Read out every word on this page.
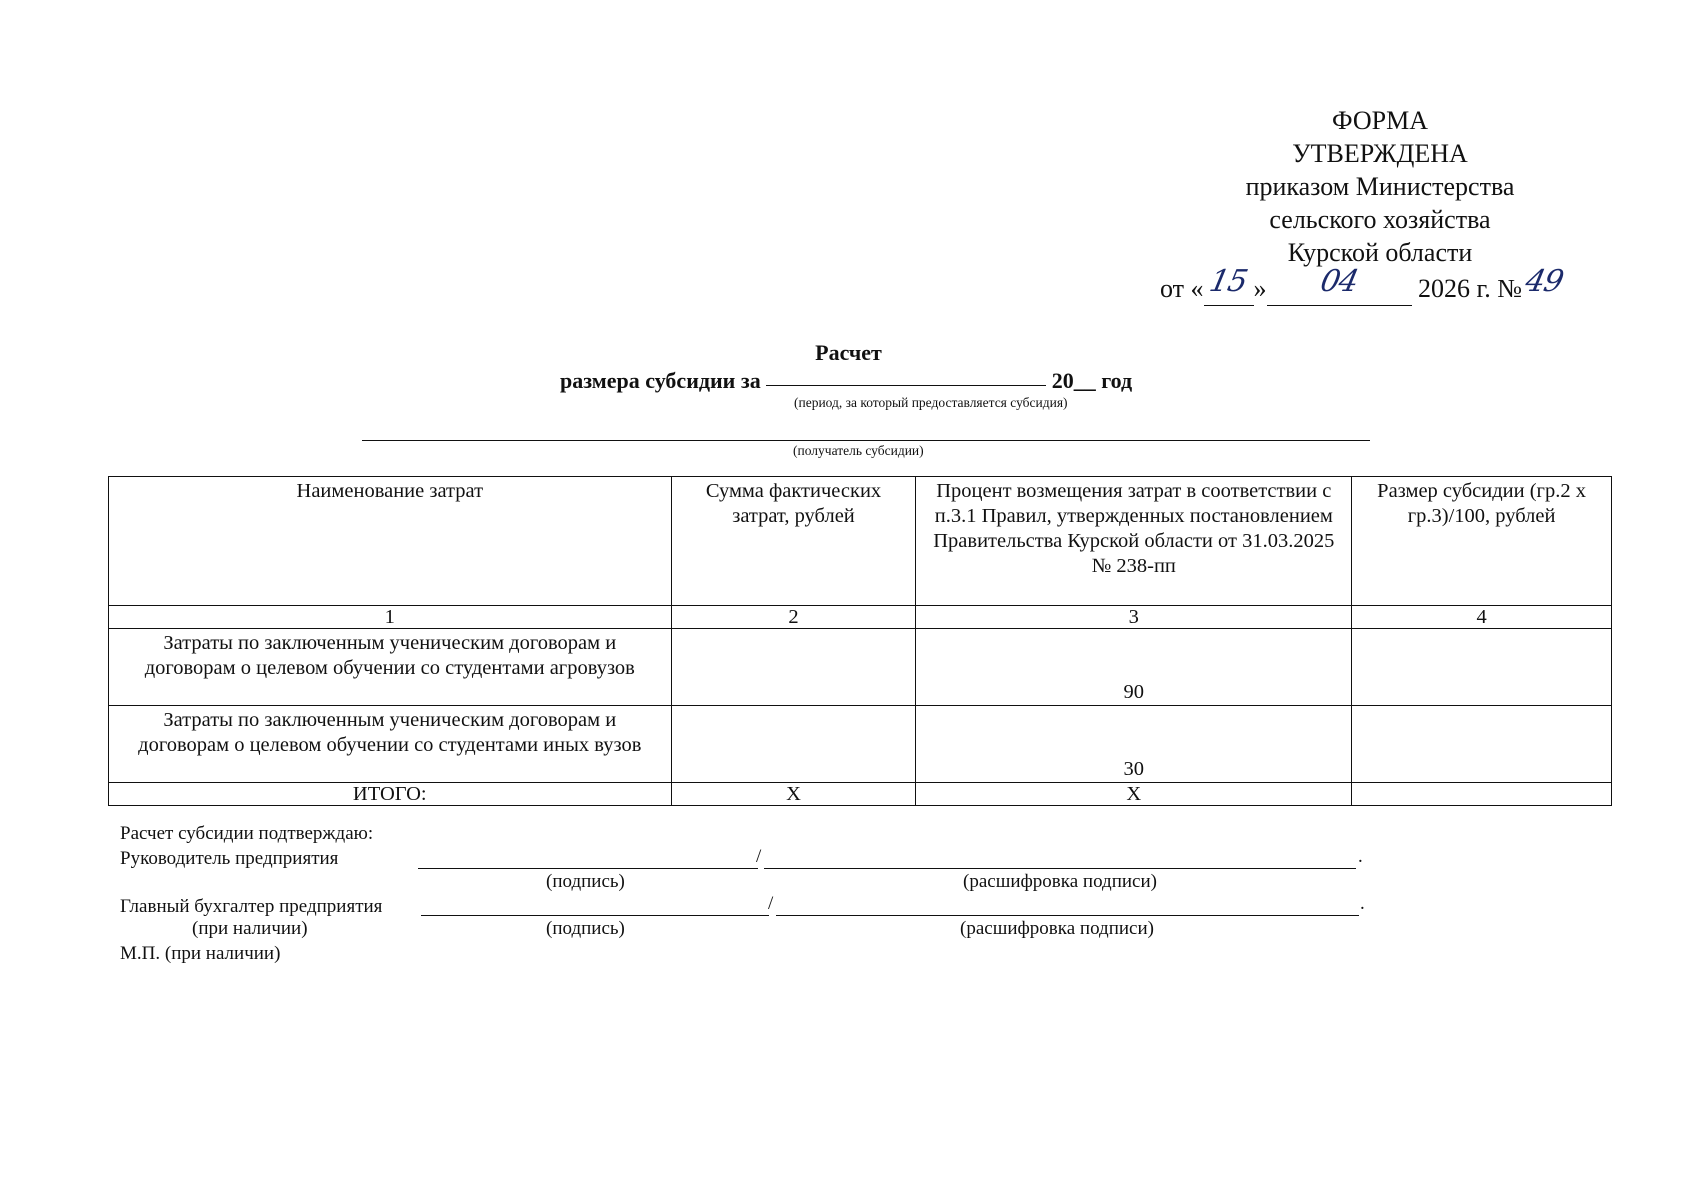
ФОРМА
УТВЕРЖДЕНА
приказом Министерства
сельского хозяйства
Курской области
от « 15 » 04 2026 г. №49
Расчет
размера субсидии за	20__ год
(период, за который предоставляется субсидия)
(получатель субсидии)
Наименование затрат	Сумма фактических затрат, рублей	Процент возмещения затрат в соответствии с п.3.1 Правил, утвержденных постановлением Правительства Курской области от 31.03.2025 № 238-пп	Размер субсидии (гр.2 х гр.3)/100, рублей
1	2	3	4
Затраты по заключенным ученическим договорам и договорам о целевом обучении со студентами агровузов		90	
Затраты по заключенным ученическим договорам и договорам о целевом обучении со студентами иных вузов		30	
ИТОГО:	Х	Х	
Расчет субсидии подтверждаю:
Руководитель предприятия	/	.
(подпись)	(расшифровка подписи)
Главный бухгалтер предприятия	/	.
(при наличии)	(подпись)	(расшифровка подписи)
М.П. (при наличии)
